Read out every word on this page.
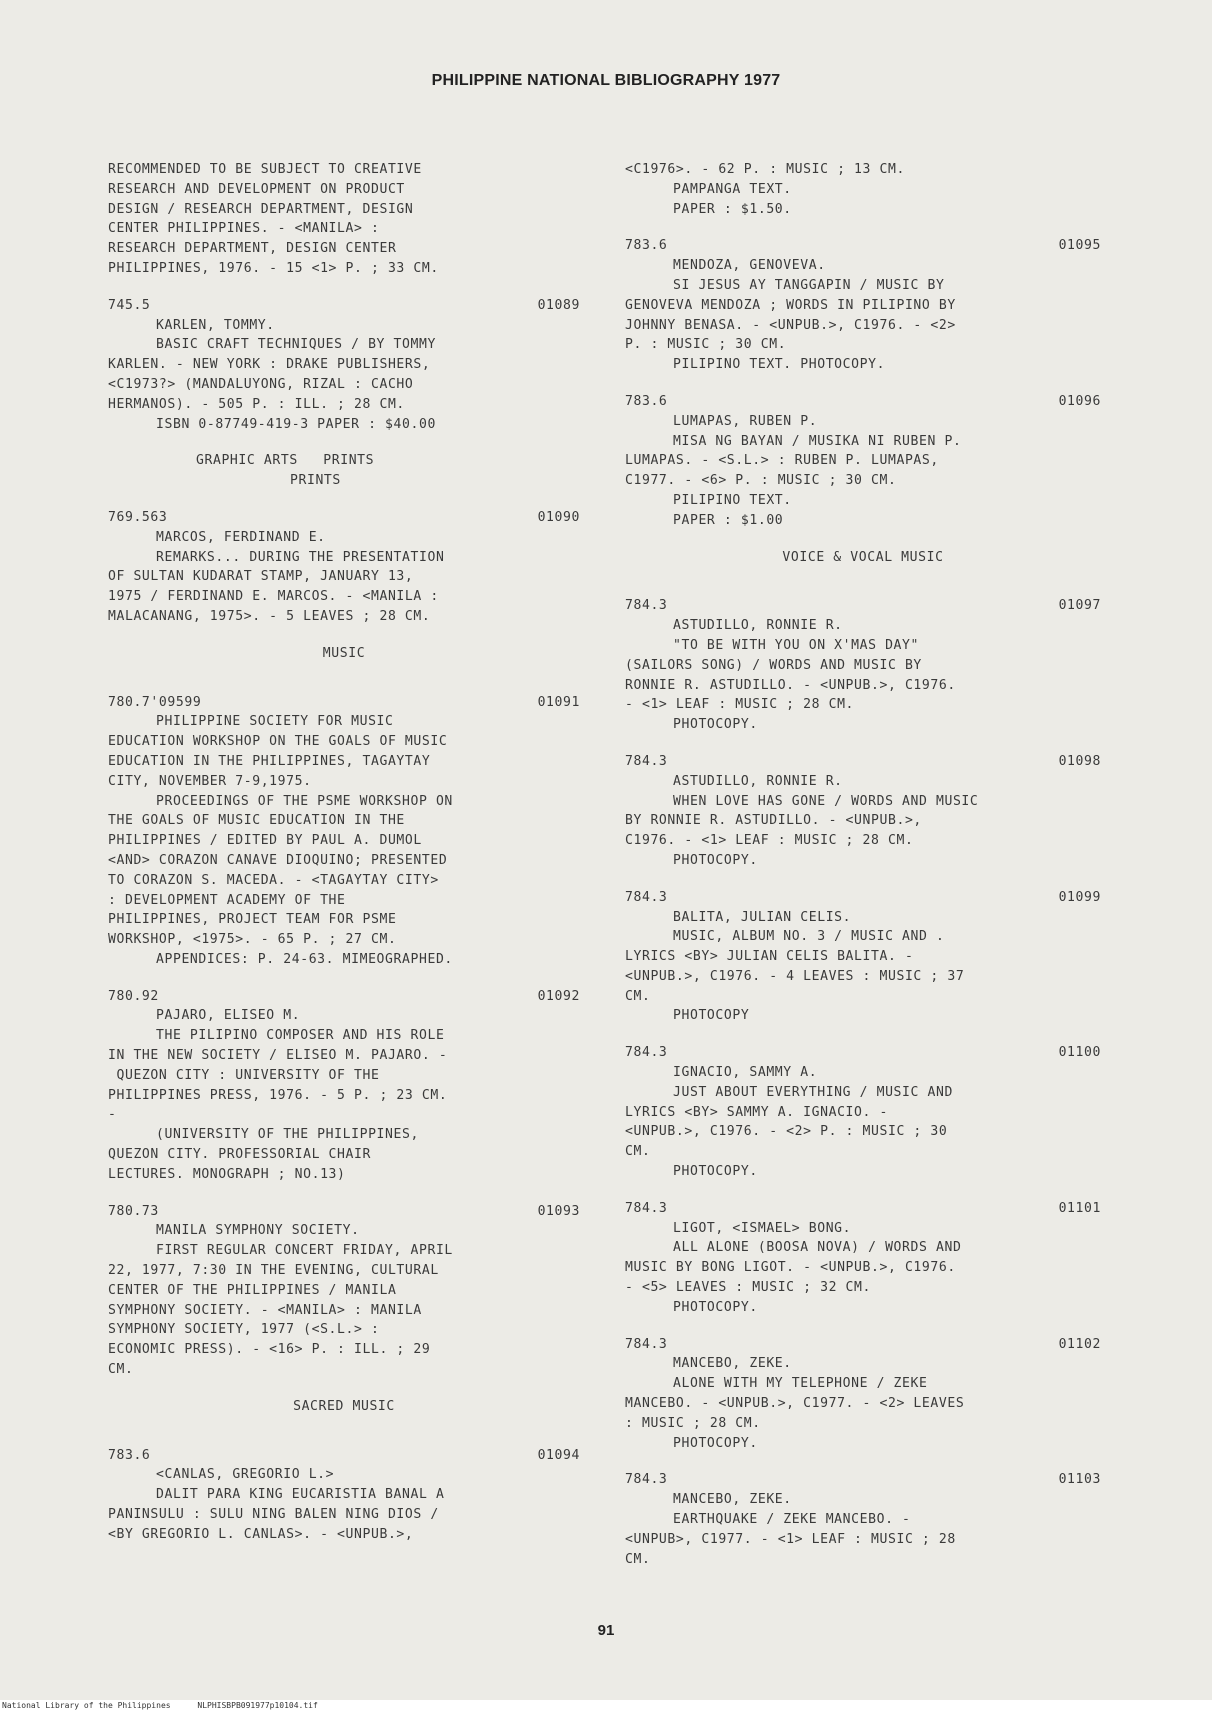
PHILIPPINE NATIONAL BIBLIOGRAPHY 1977
RECOMMENDED TO BE SUBJECT TO CREATIVE
RESEARCH AND DEVELOPMENT ON PRODUCT
DESIGN / RESEARCH DEPARTMENT, DESIGN
CENTER PHILIPPINES. - <MANILA> :
RESEARCH DEPARTMENT, DESIGN CENTER
PHILIPPINES, 1976. - 15 <1> P. ; 33 CM.
745.5	01089
KARLEN, TOMMY.
BASIC CRAFT TECHNIQUES / BY TOMMY
KARLEN. - NEW YORK : DRAKE PUBLISHERS,
<C1973?> (MANDALUYONG, RIZAL : CACHO
HERMANOS). - 505 P. : ILL. ; 28 CM.
ISBN 0-87749-419-3 PAPER : $40.00
GRAPHIC ARTS   PRINTS
PRINTS
769.563	01090
MARCOS, FERDINAND E.
REMARKS... DURING THE PRESENTATION
OF SULTAN KUDARAT STAMP, JANUARY 13,
1975 / FERDINAND E. MARCOS. - <MANILA :
MALACANANG, 1975>. - 5 LEAVES ; 28 CM.
MUSIC
780.7'09599	01091
PHILIPPINE SOCIETY FOR MUSIC
EDUCATION WORKSHOP ON THE GOALS OF MUSIC
EDUCATION IN THE PHILIPPINES, TAGAYTAY
CITY, NOVEMBER 7-9,1975.
PROCEEDINGS OF THE PSME WORKSHOP ON
THE GOALS OF MUSIC EDUCATION IN THE
PHILIPPINES / EDITED BY PAUL A. DUMOL
<AND> CORAZON CANAVE DIOQUINO; PRESENTED
TO CORAZON S. MACEDA. - <TAGAYTAY CITY>
: DEVELOPMENT ACADEMY OF THE
PHILIPPINES, PROJECT TEAM FOR PSME
WORKSHOP, <1975>. - 65 P. ; 27 CM.
APPENDICES: P. 24-63. MIMEOGRAPHED.
780.92	01092
PAJARO, ELISEO M.
THE PILIPINO COMPOSER AND HIS ROLE
IN THE NEW SOCIETY / ELISEO M. PAJARO. -
QUEZON CITY : UNIVERSITY OF THE
PHILIPPINES PRESS, 1976. - 5 P. ; 23 CM.
-
(UNIVERSITY OF THE PHILIPPINES,
QUEZON CITY. PROFESSORIAL CHAIR
LECTURES. MONOGRAPH ; NO.13)
780.73	01093
MANILA SYMPHONY SOCIETY.
FIRST REGULAR CONCERT FRIDAY, APRIL
22, 1977, 7:30 IN THE EVENING, CULTURAL
CENTER OF THE PHILIPPINES / MANILA
SYMPHONY SOCIETY. - <MANILA> : MANILA
SYMPHONY SOCIETY, 1977 (<S.L.> :
ECONOMIC PRESS). - <16> P. : ILL. ; 29
CM.
SACRED MUSIC
783.6	01094
<CANLAS, GREGORIO L.>
DALIT PARA KING EUCARISTIA BANAL A
PANINSULU : SULU NING BALEN NING DIOS /
<BY GREGORIO L. CANLAS>. - <UNPUB.>,
<C1976>. - 62 P. : MUSIC ; 13 CM.
PAMPANGA TEXT.
PAPER : $1.50.
783.6	01095
MENDOZA, GENOVEVA.
SI JESUS AY TANGGAPIN / MUSIC BY
GENOVEVA MENDOZA ; WORDS IN PILIPINO BY
JOHNNY BENASA. - <UNPUB.>, C1976. - <2>
P. : MUSIC ; 30 CM.
PILIPINO TEXT. PHOTOCOPY.
783.6	01096
LUMAPAS, RUBEN P.
MISA NG BAYAN / MUSIKA NI RUBEN P.
LUMAPAS. - <S.L.> : RUBEN P. LUMAPAS,
C1977. - <6> P. : MUSIC ; 30 CM.
PILIPINO TEXT.
PAPER : $1.00
VOICE & VOCAL MUSIC
784.3	01097
ASTUDILLO, RONNIE R.
"TO BE WITH YOU ON X'MAS DAY"
(SAILORS SONG) / WORDS AND MUSIC BY
RONNIE R. ASTUDILLO. - <UNPUB.>, C1976.
- <1> LEAF : MUSIC ; 28 CM.
PHOTOCOPY.
784.3	01098
ASTUDILLO, RONNIE R.
WHEN LOVE HAS GONE / WORDS AND MUSIC
BY RONNIE R. ASTUDILLO. - <UNPUB.>,
C1976. - <1> LEAF : MUSIC ; 28 CM.
PHOTOCOPY.
784.3	01099
BALITA, JULIAN CELIS.
MUSIC, ALBUM NO. 3 / MUSIC AND .
LYRICS <BY> JULIAN CELIS BALITA. -
<UNPUB.>, C1976. - 4 LEAVES : MUSIC ; 37
CM.
PHOTOCOPY
784.3	01100
IGNACIO, SAMMY A.
JUST ABOUT EVERYTHING / MUSIC AND
LYRICS <BY> SAMMY A. IGNACIO. -
<UNPUB.>, C1976. - <2> P. : MUSIC ; 30
CM.
PHOTOCOPY.
784.3	01101
LIGOT, <ISMAEL> BONG.
ALL ALONE (BOOSA NOVA) / WORDS AND
MUSIC BY BONG LIGOT. - <UNPUB.>, C1976.
- <5> LEAVES : MUSIC ; 32 CM.
PHOTOCOPY.
784.3	01102
MANCEBO, ZEKE.
ALONE WITH MY TELEPHONE / ZEKE
MANCEBO. - <UNPUB.>, C1977. - <2> LEAVES
: MUSIC ; 28 CM.
PHOTOCOPY.
784.3	01103
MANCEBO, ZEKE.
EARTHQUAKE / ZEKE MANCEBO. -
<UNPUB>, C1977. - <1> LEAF : MUSIC ; 28
CM.
91
National Library of the Philippines	NLPHISBPB091977p10104.tif
